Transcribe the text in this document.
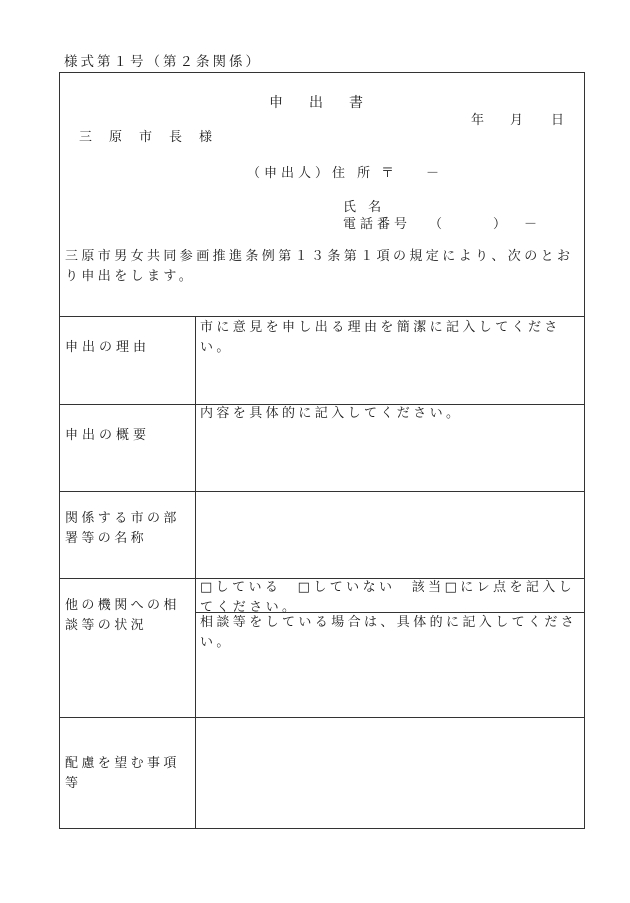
様式第１号（第２条関係）
申　出　書
年 月 日
三　原　市　長　様
（申出人）住 所 〒 －
氏 名
電話番号 （　　　） －
三原市男女共同参画推進条例第１３条第１項の規定により、次のとおり申出をします。
申出の理由
市に意見を申し出る理由を簡潔に記入してください。
申出の概要
内容を具体的に記入してください。
関係する市の部署等の名称
他の機関への相談等の状況
□している　□していない　該当□にレ点を記入してください。
相談等をしている場合は、具体的に記入してください。
配慮を望む事項等
